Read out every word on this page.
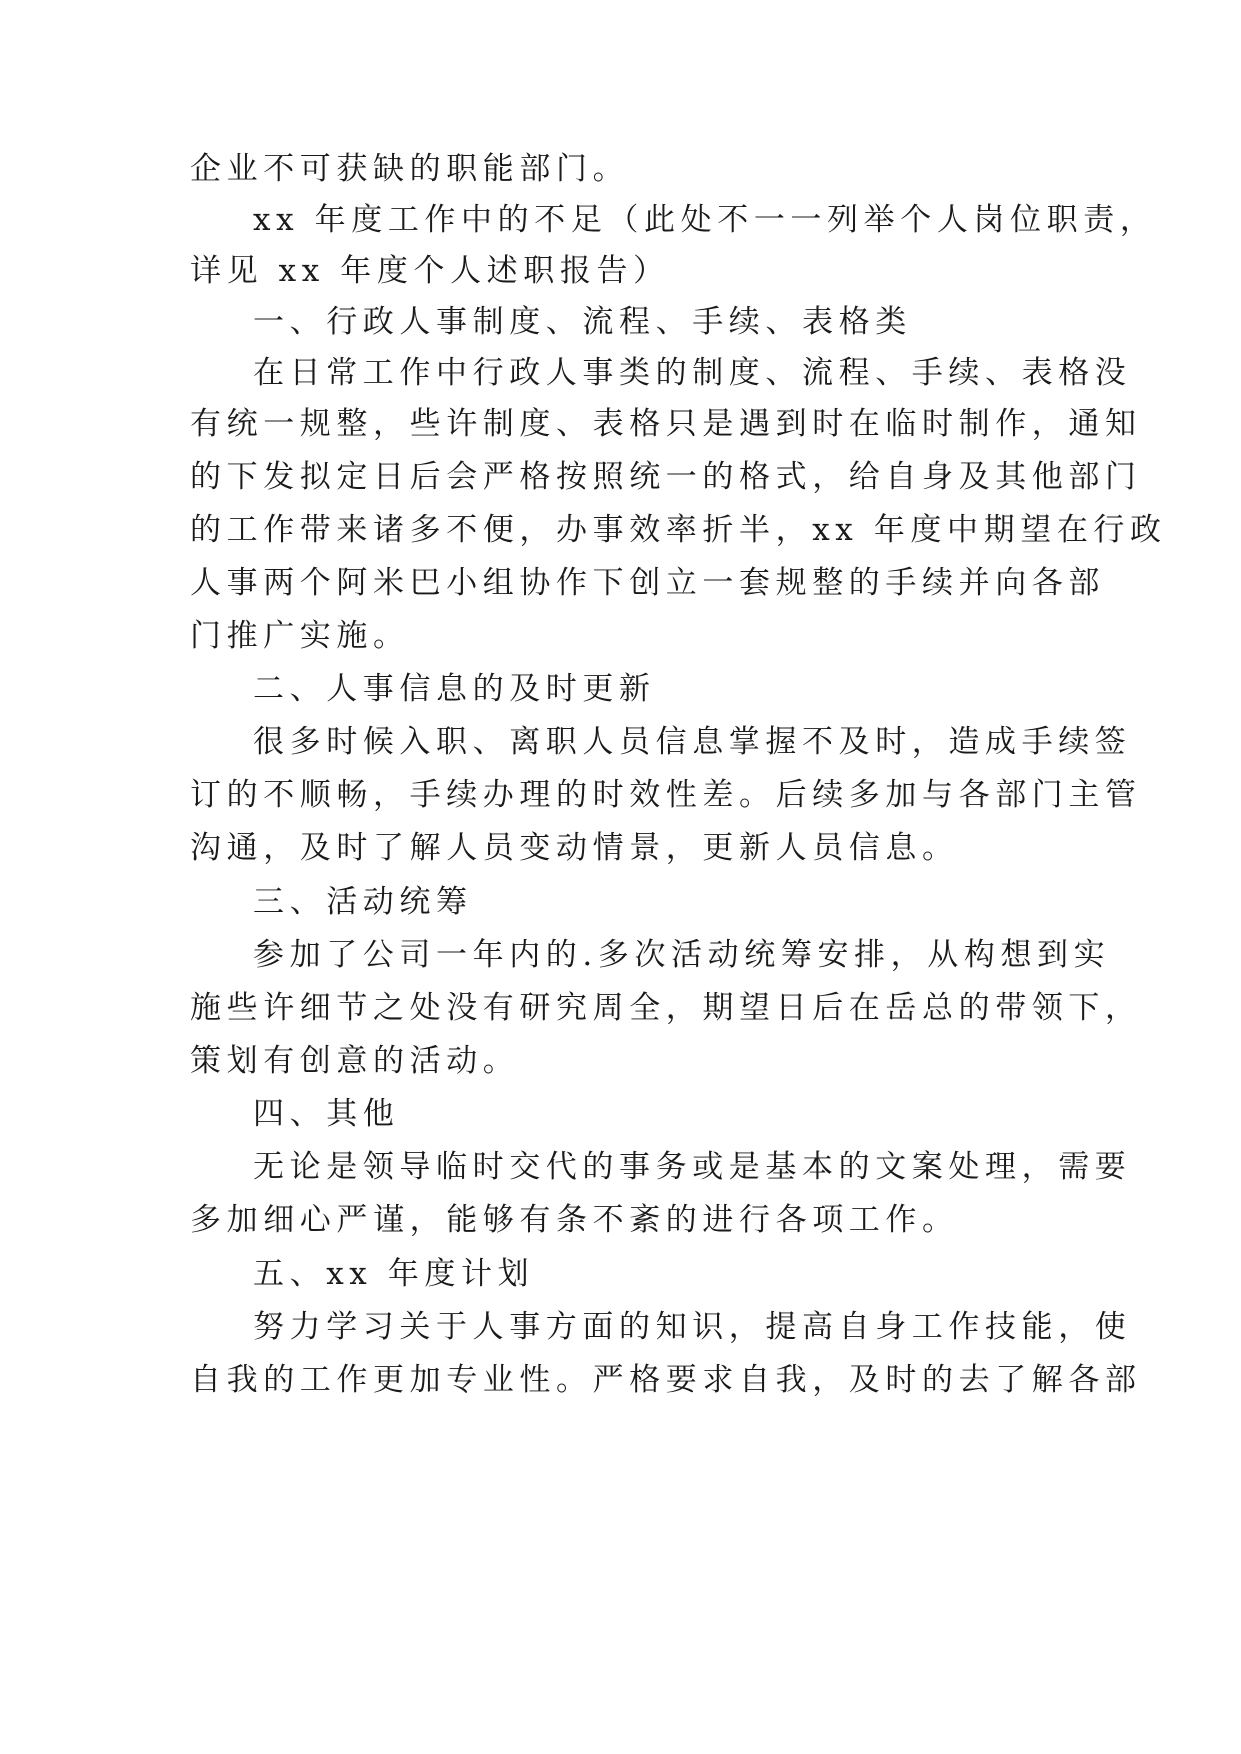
企业不可获缺的职能部门。
xx 年度工作中的不足（此处不一一列举个人岗位职责，
详见 xx 年度个人述职报告）
一、行政人事制度、流程、手续、表格类
在日常工作中行政人事类的制度、流程、手续、表格没
有统一规整，些许制度、表格只是遇到时在临时制作，通知
的下发拟定日后会严格按照统一的格式，给自身及其他部门
的工作带来诸多不便，办事效率折半，xx 年度中期望在行政
人事两个阿米巴小组协作下创立一套规整的手续并向各部
门推广实施。
二、人事信息的及时更新
很多时候入职、离职人员信息掌握不及时，造成手续签
订的不顺畅，手续办理的时效性差。后续多加与各部门主管
沟通，及时了解人员变动情景，更新人员信息。
三、活动统筹
参加了公司一年内的.多次活动统筹安排，从构想到实
施些许细节之处没有研究周全，期望日后在岳总的带领下，
策划有创意的活动。
四、其他
无论是领导临时交代的事务或是基本的文案处理，需要
多加细心严谨，能够有条不紊的进行各项工作。
五、xx 年度计划
努力学习关于人事方面的知识，提高自身工作技能，使
自我的工作更加专业性。严格要求自我，及时的去了解各部
